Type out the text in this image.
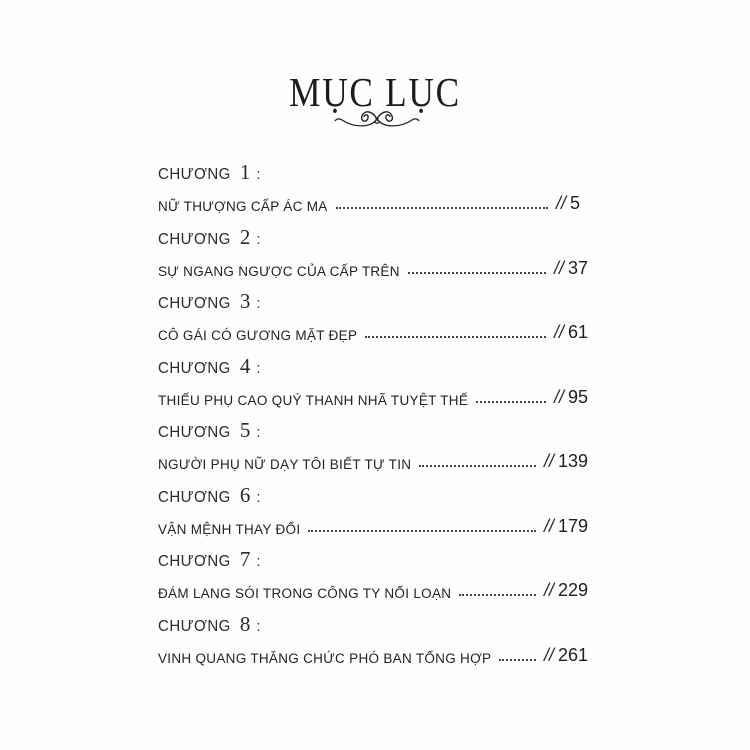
MỤC LỤC
CHƯƠNG 1 :
NỮ THƯỢNG CẤP ÁC MA	// 5
CHƯƠNG 2 :
SỰ NGANG NGƯỢC CỦA CẤP TRÊN	// 37
CHƯƠNG 3 :
CÔ GÁI CÓ GƯƠNG MẶT ĐẸP	// 61
CHƯƠNG 4 :
THIẾU PHỤ CAO QUÝ THANH NHÃ TUYỆT THẾ	// 95
CHƯƠNG 5 :
NGƯỜI PHỤ NỮ DẠY TÔI BIẾT TỰ TIN	// 139
CHƯƠNG 6 :
VẬN MỆNH THAY ĐỔI	// 179
CHƯƠNG 7 :
ĐÁM LANG SÓI TRONG CÔNG TY NỔI LOẠN	// 229
CHƯƠNG 8 :
VINH QUANG THĂNG CHỨC PHÓ BAN TỔNG HỢP	// 261
